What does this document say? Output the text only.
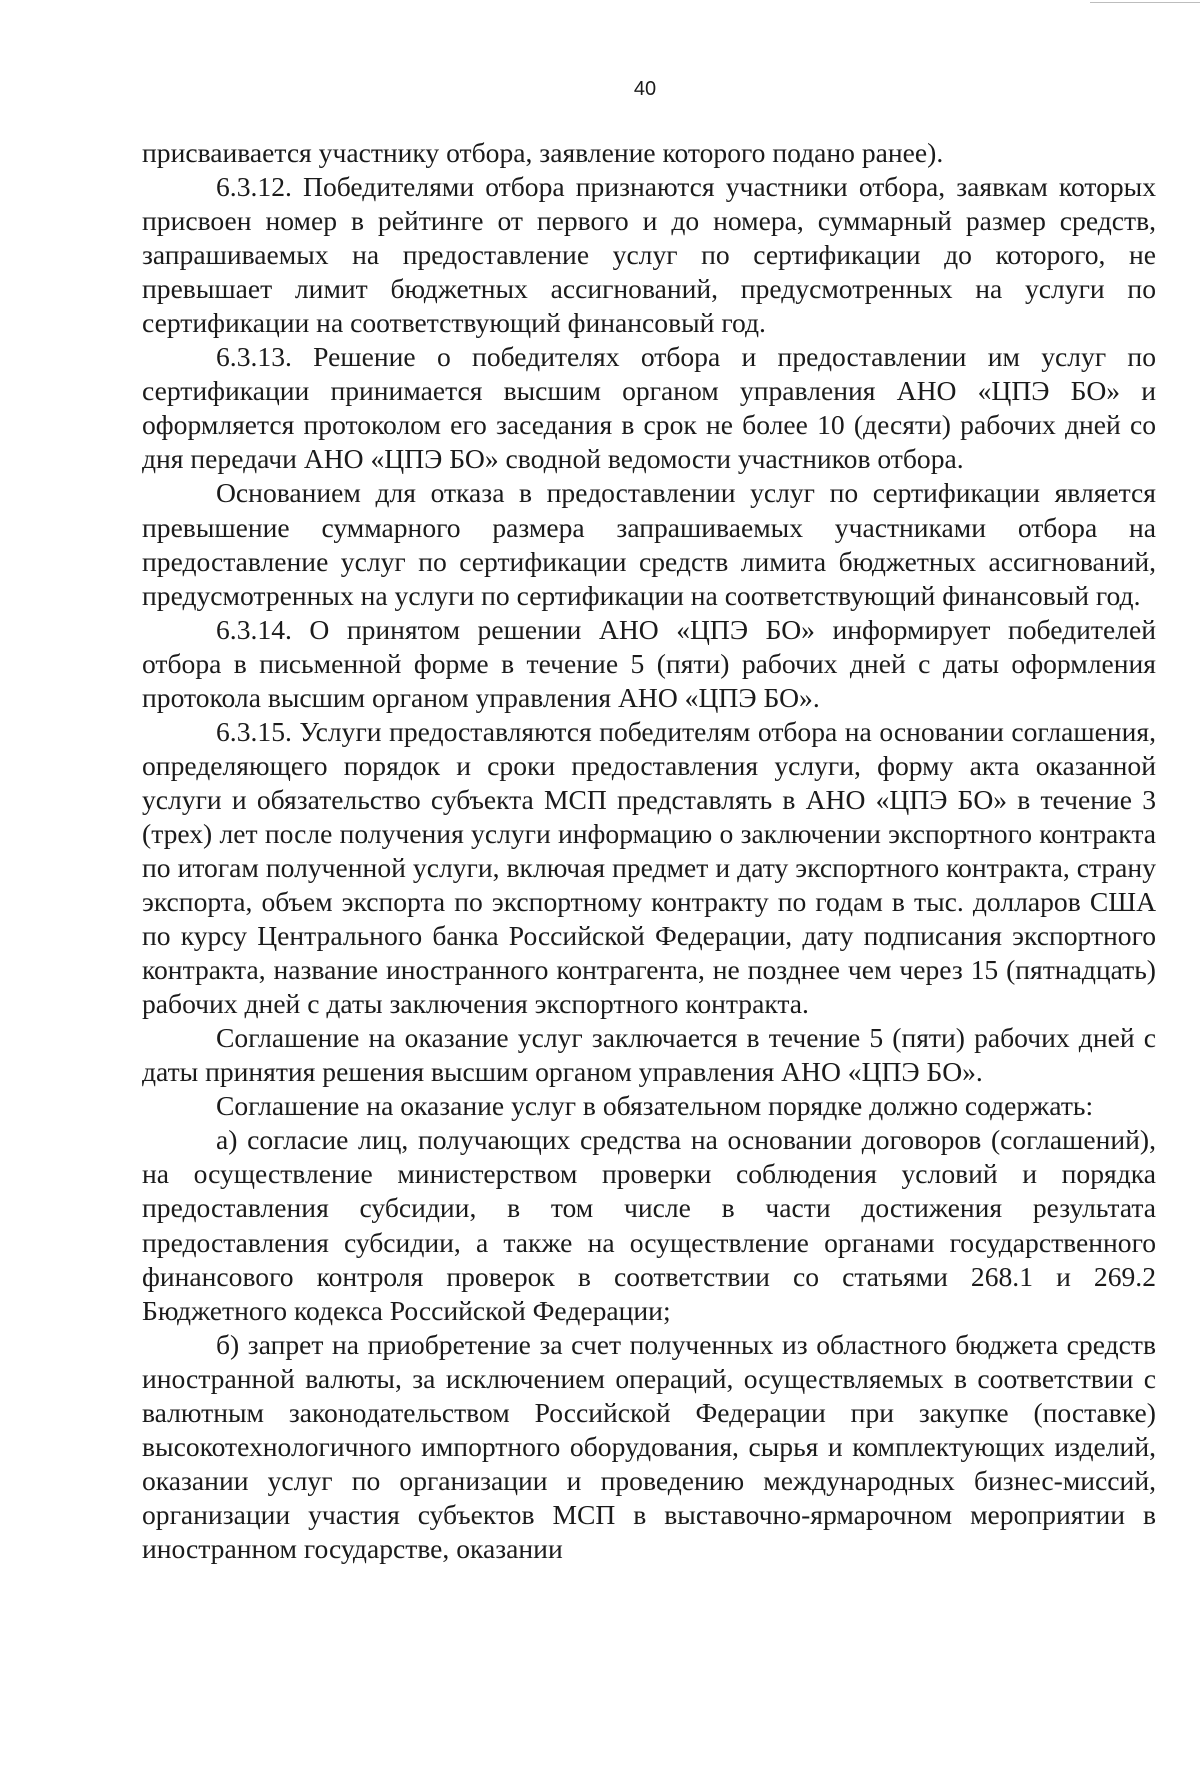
40

присваивается участнику отбора, заявление которого подано ранее).

6.3.12. Победителями отбора признаются участники отбора, заявкам которых присвоен номер в рейтинге от первого и до номера, суммарный размер средств, запрашиваемых на предоставление услуг по сертификации до которого, не превышает лимит бюджетных ассигнований, предусмотренных на услуги по сертификации на соответствующий финансовый год.

6.3.13. Решение о победителях отбора и предоставлении им услуг по сертификации принимается высшим органом управления АНО «ЦПЭ БО» и оформляется протоколом его заседания в срок не более 10 (десяти) рабочих дней со дня передачи АНО «ЦПЭ БО» сводной ведомости участников отбора.

Основанием для отказа в предоставлении услуг по сертификации является превышение суммарного размера запрашиваемых участниками отбора на предоставление услуг по сертификации средств лимита бюджетных ассигнований, предусмотренных на услуги по сертификации на соответствующий финансовый год.

6.3.14. О принятом решении АНО «ЦПЭ БО» информирует победителей отбора в письменной форме в течение 5 (пяти) рабочих дней с даты оформления протокола высшим органом управления АНО «ЦПЭ БО».

6.3.15. Услуги предоставляются победителям отбора на основании соглашения, определяющего порядок и сроки предоставления услуги, форму акта оказанной услуги и обязательство субъекта МСП представлять в АНО «ЦПЭ БО» в течение 3 (трех) лет после получения услуги информацию о заключении экспортного контракта по итогам полученной услуги, включая предмет и дату экспортного контракта, страну экспорта, объем экспорта по экспортному контракту по годам в тыс. долларов США по курсу Центрального банка Российской Федерации, дату подписания экспортного контракта, название иностранного контрагента, не позднее чем через 15 (пятнадцать) рабочих дней с даты заключения экспортного контракта.

Соглашение на оказание услуг заключается в течение 5 (пяти) рабочих дней с даты принятия решения высшим органом управления АНО «ЦПЭ БО».

Соглашение на оказание услуг в обязательном порядке должно содержать:

а) согласие лиц, получающих средства на основании договоров (соглашений), на осуществление министерством проверки соблюдения условий и порядка предоставления субсидии, в том числе в части достижения результата предоставления субсидии, а также на осуществление органами государственного финансового контроля проверок в соответствии со статьями 268.1 и 269.2 Бюджетного кодекса Российской Федерации;

б) запрет на приобретение за счет полученных из областного бюджета средств иностранной валюты, за исключением операций, осуществляемых в соответствии с валютным законодательством Российской Федерации при закупке (поставке) высокотехнологичного импортного оборудования, сырья и комплектующих изделий, оказании услуг по организации и проведению международных бизнес-миссий, организации участия субъектов МСП в выставочно-ярмарочном мероприятии в иностранном государстве, оказании
